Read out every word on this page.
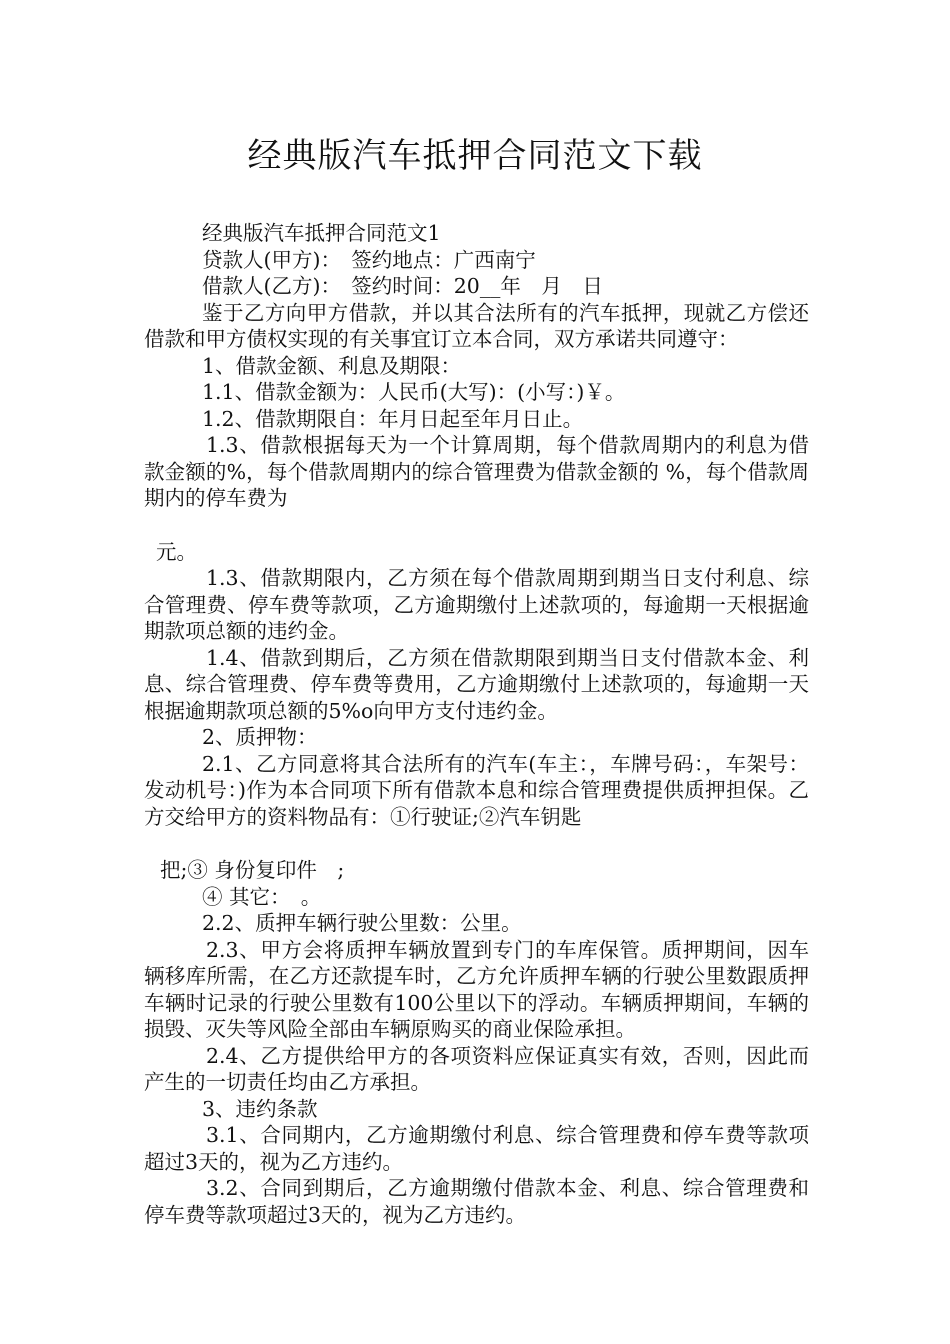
经典版汽车抵押合同范文下载

经典版汽车抵押合同范文1

贷款人(甲方)：　签约地点：广西南宁

借款人(乙方)：　签约时间：20__年　月　日

鉴于乙方向甲方借款，并以其合法所有的汽车抵押，现就乙方偿还借款和甲方债权实现的有关事宜订立本合同，双方承诺共同遵守：

1、借款金额、利息及期限：

1.1、借款金额为：人民币(大写)：(小写：)￥。

1.2、借款期限自：年月日起至年月日止。

1.3、借款根据每天为一个计算周期，每个借款周期内的利息为借款金额的%，每个借款周期内的综合管理费为借款金额的 %，每个借款周期内的停车费为

元。

1.3、借款期限内，乙方须在每个借款周期到期当日支付利息、综合管理费、停车费等款项，乙方逾期缴付上述款项的，每逾期一天根据逾期款项总额的违约金。

1.4、借款到期后，乙方须在借款期限到期当日支付借款本金、利息、综合管理费、停车费等费用，乙方逾期缴付上述款项的，每逾期一天根据逾期款项总额的5%o向甲方支付违约金。

2、质押物：

2.1、乙方同意将其合法所有的汽车(车主：，车牌号码：，车架号：发动机号：)作为本合同项下所有借款本息和综合管理费提供质押担保。乙方交给甲方的资料物品有：①行驶证;②汽车钥匙

把;③ 身份复印件　;

④ 其它：　。

2.2、质押车辆行驶公里数：公里。

2.3、甲方会将质押车辆放置到专门的车库保管。质押期间，因车辆移库所需，在乙方还款提车时，乙方允许质押车辆的行驶公里数跟质押车辆时记录的行驶公里数有100公里以下的浮动。车辆质押期间，车辆的损毁、灭失等风险全部由车辆原购买的商业保险承担。

2.4、乙方提供给甲方的各项资料应保证真实有效，否则，因此而产生的一切责任均由乙方承担。

3、违约条款

3.1、合同期内，乙方逾期缴付利息、综合管理费和停车费等款项超过3天的，视为乙方违约。

3.2、合同到期后，乙方逾期缴付借款本金、利息、综合管理费和停车费等款项超过3天的，视为乙方违约。
